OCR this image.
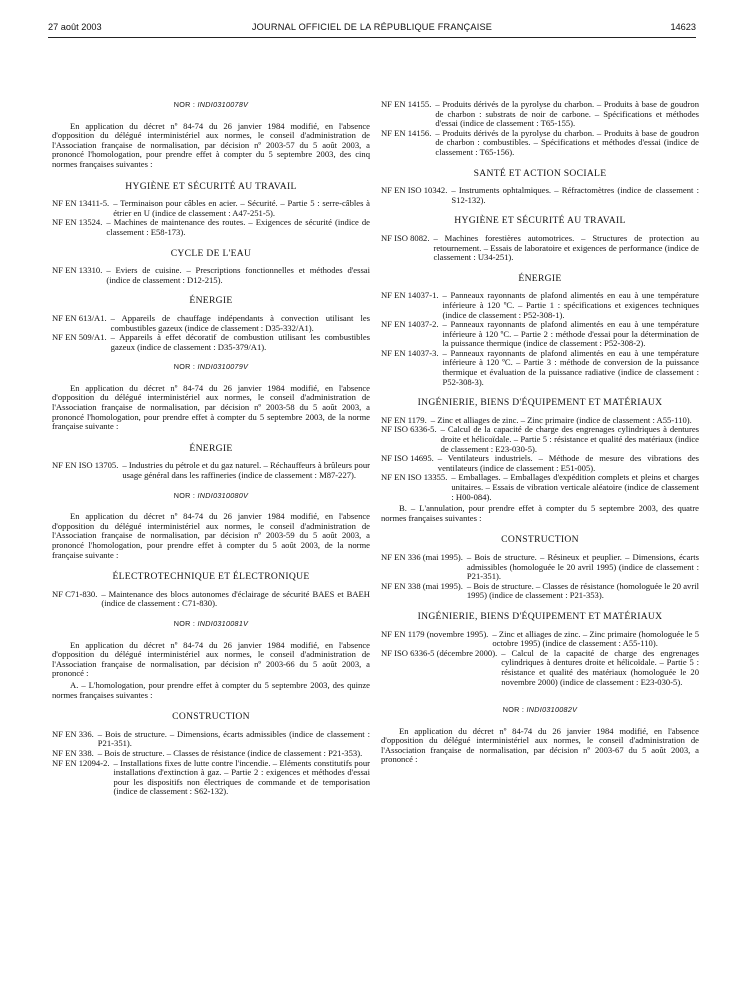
27 août 2003	JOURNAL OFFICIEL DE LA RÉPUBLIQUE FRANÇAISE	14623
NOR : INDI0310078V

En application du décret nº 84-74 du 26 janvier 1984 modifié, en l'absence d'opposition du délégué interministériel aux normes, le conseil d'administration de l'Association française de normalisation, par décision nº 2003-57 du 5 août 2003, a prononcé l'homologation, pour prendre effet à compter du 5 septembre 2003, des cinq normes françaises suivantes :

HYGIÈNE ET SÉCURITÉ AU TRAVAIL
NF EN 13411-5. – Terminaison pour câbles en acier. – Sécurité. – Partie 5 : serre-câbles à étrier en U (indice de classement : A47-251-5).
NF EN 13524. – Machines de maintenance des routes. – Exigences de sécurité (indice de classement : E58-173).
CYCLE DE L'EAU
NF EN 13310. – Eviers de cuisine. – Prescriptions fonctionnelles et méthodes d'essai (indice de classement : D12-215).
ÉNERGIE
NF EN 613/A1. – Appareils de chauffage indépendants à convection utilisant les combustibles gazeux (indice de classement : D35-332/A1).
NF EN 509/A1. – Appareils à effet décoratif de combustion utilisant les combustibles gazeux (indice de classement : D35-379/A1).
NOR : INDI0310079V

En application du décret nº 84-74 du 26 janvier 1984 modifié, en l'absence d'opposition du délégué interministériel aux normes, le conseil d'administration de l'Association française de normalisation, par décision nº 2003-58 du 5 août 2003, a prononcé l'homologation, pour prendre effet à compter du 5 septembre 2003, de la norme française suivante :

ÉNERGIE
NF EN ISO 13705. – Industries du pétrole et du gaz naturel. – Réchauffeurs à brûleurs pour usage général dans les raffineries (indice de classement : M87-227).
NOR : INDI0310080V

En application du décret nº 84-74 du 26 janvier 1984 modifié, en l'absence d'opposition du délégué interministériel aux normes, le conseil d'administration de l'Association française de normalisation, par décision nº 2003-59 du 5 août 2003, a prononcé l'homologation, pour prendre effet à compter du 5 août 2003, de la norme française suivante :

ÉLECTROTECHNIQUE ET ÉLECTRONIQUE
NF C71-830. – Maintenance des blocs autonomes d'éclairage de sécurité BAES et BAEH (indice de classement : C71-830).
NOR : INDI0310081V

En application du décret nº 84-74 du 26 janvier 1984 modifié, en l'absence d'opposition du délégué interministériel aux normes, le conseil d'administration de l'Association française de normalisation, par décision nº 2003-66 du 5 août 2003, a prononcé :

A. – L'homologation, pour prendre effet à compter du 5 septembre 2003, des quinze normes françaises suivantes :

CONSTRUCTION
NF EN 336. – Bois de structure. – Dimensions, écarts admissibles (indice de classement : P21-351).
NF EN 338. – Bois de structure. – Classes de résistance (indice de classement : P21-353).
NF EN 12094-2. – Installations fixes de lutte contre l'incendie. – Eléments constitutifs pour installations d'extinction à gaz. – Partie 2 : exigences et méthodes d'essai pour les dispositifs non électriques de commande et de temporisation (indice de classement : S62-132).
NF EN 14155. – Produits dérivés de la pyrolyse du charbon. – Produits à base de goudron de charbon : substrats de noir de carbone. – Spécifications et méthodes d'essai (indice de classement : T65-155).
NF EN 14156. – Produits dérivés de la pyrolyse du charbon. – Produits à base de goudron de charbon : combustibles. – Spécifications et méthodes d'essai (indice de classement : T65-156).
SANTÉ ET ACTION SOCIALE
NF EN ISO 10342. – Instruments ophtalmiques. – Réfractomètres (indice de classement : S12-132).
HYGIÈNE ET SÉCURITÉ AU TRAVAIL
NF ISO 8082. – Machines forestières automotrices. – Structures de protection au retournement. – Essais de laboratoire et exigences de performance (indice de classement : U34-251).
ÉNERGIE
NF EN 14037-1. – Panneaux rayonnants de plafond alimentés en eau à une température inférieure à 120 ºC. – Partie 1 : spécifications et exigences techniques (indice de classement : P52-308-1).
NF EN 14037-2. – Panneaux rayonnants de plafond alimentés en eau à une température inférieure à 120 ºC. – Partie 2 : méthode d'essai pour la détermination de la puissance thermique (indice de classement : P52-308-2).
NF EN 14037-3. – Panneaux rayonnants de plafond alimentés en eau à une température inférieure à 120 ºC. – Partie 3 : méthode de conversion de la puissance thermique et évaluation de la puissance radiative (indice de classement : P52-308-3).
INGÉNIERIE, BIENS D'ÉQUIPEMENT ET MATÉRIAUX
NF EN 1179. – Zinc et alliages de zinc. – Zinc primaire (indice de classement : A55-110).
NF ISO 6336-5. – Calcul de la capacité de charge des engrenages cylindriques à dentures droite et hélicoïdale. – Partie 5 : résistance et qualité des matériaux (indice de classement : E23-030-5).
NF ISO 14695. – Ventilateurs industriels. – Méthode de mesure des vibrations des ventilateurs (indice de classement : E51-005).
NF EN ISO 13355. – Emballages. – Emballages d'expédition complets et pleins et charges unitaires. – Essais de vibration verticale aléatoire (indice de classement : H00-084).

B. – L'annulation, pour prendre effet à compter du 5 septembre 2003, des quatre normes françaises suivantes :

CONSTRUCTION
NF EN 336 (mai 1995). – Bois de structure. – Résineux et peuplier. – Dimensions, écarts admissibles (homologuée le 20 avril 1995) (indice de classement : P21-351).
NF EN 338 (mai 1995). – Bois de structure. – Classes de résistance (homologuée le 20 avril 1995) (indice de classement : P21-353).
INGÉNIERIE, BIENS D'ÉQUIPEMENT ET MATÉRIAUX
NF EN 1179 (novembre 1995). – Zinc et alliages de zinc. – Zinc primaire (homologuée le 5 octobre 1995) (indice de classement : A55-110).
NF ISO 6336-5 (décembre 2000). – Calcul de la capacité de charge des engrenages cylindriques à dentures droite et hélicoïdale. – Partie 5 : résistance et qualité des matériaux (homologuée le 20 novembre 2000) (indice de classement : E23-030-5).
NOR : INDI0310082V

En application du décret nº 84-74 du 26 janvier 1984 modifié, en l'absence d'opposition du délégué interministériel aux normes, le conseil d'administration de l'Association française de normalisation, par décision nº 2003-67 du 5 août 2003, a prononcé :
